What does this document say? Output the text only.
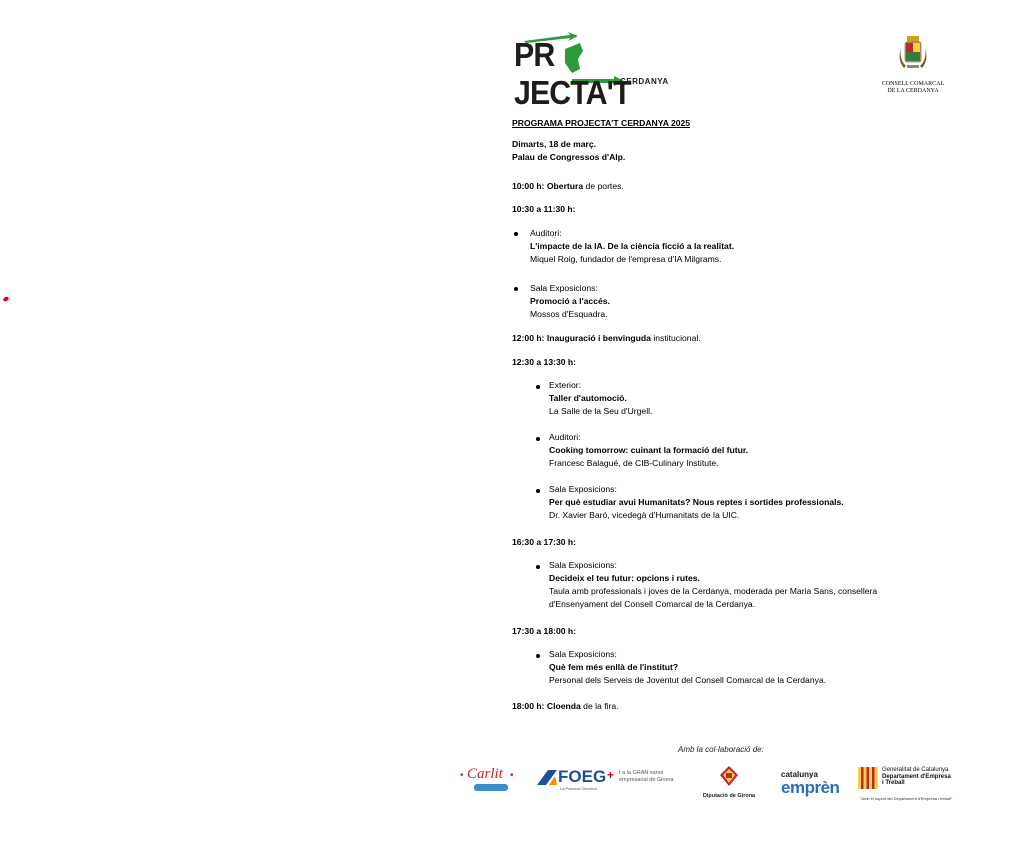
PR JECTA'T
CERDANYA	CONSELL COMARCAL
DE LA CERDANYA
PROGRAMA PROJECTA'T CERDANYA 2025
Dimarts, 18 de març.
Palau de Congressos d'Alp.
10:00 h: Obertura de portes.
10:30 a 11:30 h:
Auditori:
L'impacte de la IA. De la ciència ficció a la realitat.
Miquel Roig, fundador de l'empresa d'IA Milgrams.
Sala Exposicions:
Promoció a l'accés.
Mossos d'Esquadra.
12:00 h: Inauguració i benvinguda institucional.
12:30 a 13:30 h:
Exterior:
Taller d'automoció.
La Salle de la Seu d'Urgell.
Auditori:
Cooking tomorrow: cuinant la formació del futur.
Francesc Balagué, de CIB-Culinary Institute.
Sala Exposicions:
Per què estudiar avui Humanitats? Nous reptes i sortides professionals.
Dr. Xavier Baró, vicedegà d'Humanitats de la UIC.
16:30 a 17:30 h:
Sala Exposicions:
Decideix el teu futur: opcions i rutes.
Taula amb professionals i joves de la Cerdanya, moderada per Maria Sans, consellera
d'Ensenyament del Consell Comarcal de la Cerdanya.
17:30 a 18:00 h:
Sala Exposicions:
Què fem més enllà de l'institut?
Personal dels Serveis de Joventut del Consell Comarcal de la Cerdanya.
18:00 h: Cloenda de la fira.
Amb la col·laboració de:
Carlit
•	•	FOEG
La Patronal Gironina
+ t a la GRAN xarxa
empresarial de Girona
Diputació de Girona
catalunya
emprèn
Generalitat de Catalunya
Departament d'Empresa
i Treball
"Amb el suport del Departament d'Empresa i treball"
